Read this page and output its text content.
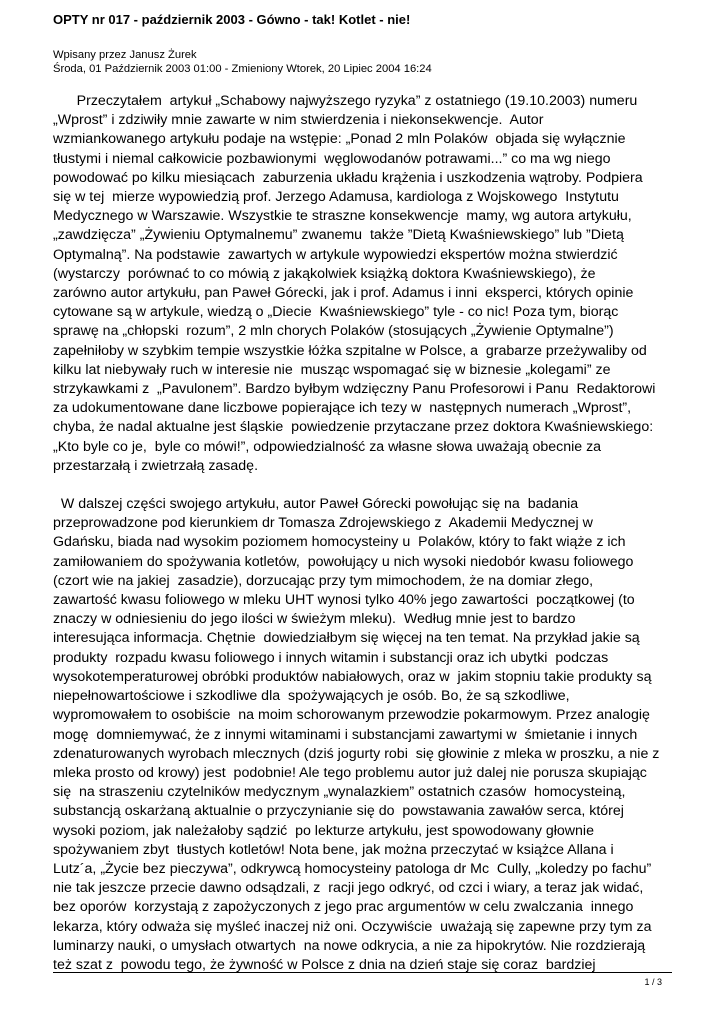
OPTY nr 017 - październik 2003 - Gówno - tak! Kotlet - nie!
Wpisany przez Janusz Żurek
Środa, 01 Październik 2003 01:00 - Zmieniony Wtorek, 20 Lipiec 2004 16:24
Przeczytałem  artykuł „Schabowy najwyższego ryzyka” z ostatniego (19.10.2003) numeru
„Wprost” i zdziwiły mnie zawarte w nim stwierdzenia i niekonsekwencje.  Autor
wzmiankowanego artykułu podaje na wstępie: „Ponad 2 mln Polaków  objada się wyłącznie
tłustymi i niemal całkowicie pozbawionymi  węglowodanów potrawami...” co ma wg niego
powodować po kilku miesiącach  zaburzenia układu krążenia i uszkodzenia wątroby. Podpiera
się w tej  mierze wypowiedzią prof. Jerzego Adamusa, kardiologa z Wojskowego  Instytutu
Medycznego w Warszawie. Wszystkie te straszne konsekwencje  mamy, wg autora artykułu,
„zawdzięcza” „Żywieniu Optymalnemu” zwanemu  także ”Dietą Kwaśniewskiego” lub ”Dietą
Optymalną”. Na podstawie  zawartych w artykule wypowiedzi ekspertów można stwierdzić
(wystarczy  porównać to co mówią z jakąkolwiek książką doktora Kwaśniewskiego), że
zarówno autor artykułu, pan Paweł Górecki, jak i prof. Adamus i inni  eksperci, których opinie
cytowane są w artykule, wiedzą o „Diecie  Kwaśniewskiego” tyle - co nic! Poza tym, biorąc
sprawę na „chłopski  rozum”, 2 mln chorych Polaków (stosujących „Żywienie Optymalne”)
zapełniłoby w szybkim tempie wszystkie łóżka szpitalne w Polsce, a  grabarze przeżywaliby od
kilku lat niebywały ruch w interesie nie  musząc wspomagać się w biznesie „kolegami” ze
strzykawkami z  „Pavulonem”. Bardzo byłbym wdzięczny Panu Profesorowi i Panu  Redaktorowi
za udokumentowane dane liczbowe popierające ich tezy w  następnych numerach „Wprost”,
chyba, że nadal aktualne jest śląskie  powiedzenie przytaczane przez doktora Kwaśniewskiego:
„Kto byle co je,  byle co mówi!”, odpowiedzialność za własne słowa uważają obecnie za
przestarzałą i zwietrzałą zasadę.
W dalszej części swojego artykułu, autor Paweł Górecki powołując się na  badania
przeprowadzone pod kierunkiem dr Tomasza Zdrojewskiego z  Akademii Medycznej w
Gdańsku, biada nad wysokim poziomem homocysteiny u  Polaków, który to fakt wiąże z ich
zamiłowaniem do spożywania kotletów,  powołujący u nich wysoki niedobór kwasu foliowego
(czort wie na jakiej  zasadzie), dorzucając przy tym mimochodem, że na domiar złego,
zawartość kwasu foliowego w mleku UHT wynosi tylko 40% jego zawartości  początkowej (to
znaczy w odniesieniu do jego ilości w świeżym mleku).  Według mnie jest to bardzo
interesująca informacja. Chętnie  dowiedziałbym się więcej na ten temat. Na przykład jakie są
produkty  rozpadu kwasu foliowego i innych witamin i substancji oraz ich ubytki  podczas
wysokotemperaturowej obróbki produktów nabiałowych, oraz w  jakim stopniu takie produkty są
niepełnowartościowe i szkodliwe dla  spożywających je osób. Bo, że są szkodliwe,
wypromowałem to osobiście  na moim schorowanym przewodzie pokarmowym. Przez analogię
mogę  domniemywać, że z innymi witaminami i substancjami zawartymi w  śmietanie i innych
zdenaturowanych wyrobach mlecznych (dziś jogurty robi  się głowinie z mleka w proszku, a nie z
mleka prosto od krowy) jest  podobnie! Ale tego problemu autor już dalej nie porusza skupiając
się  na straszeniu czytelników medycznym „wynalazkiem” ostatnich czasów  homocysteiną,
substancją oskarżaną aktualnie o przyczynianie się do  powstawania zawałów serca, której
wysoki poziom, jak należałoby sądzić  po lekturze artykułu, jest spowodowany głownie
spożywaniem zbyt  tłustych kotletów! Nota bene, jak można przeczytać w książce Allana i
Lutz´a, „Życie bez pieczywa”, odkrywcą homocysteiny patologa dr Mc  Cully, „koledzy po fachu”
nie tak jeszcze przecie dawno odsądzali, z  racji jego odkryć, od czci i wiary, a teraz jak widać,
bez oporów  korzystają z zapożyczonych z jego prac argumentów w celu zwalczania  innego
lekarza, który odważa się myśleć inaczej niż oni. Oczywiście  uważają się zapewne przy tym za
luminarzy nauki, o umysłach otwartych  na nowe odkrycia, a nie za hipokrytów. Nie rozdzierają
też szat z  powodu tego, że żywność w Polsce z dnia na dzień staje się coraz  bardziej
1 / 3
